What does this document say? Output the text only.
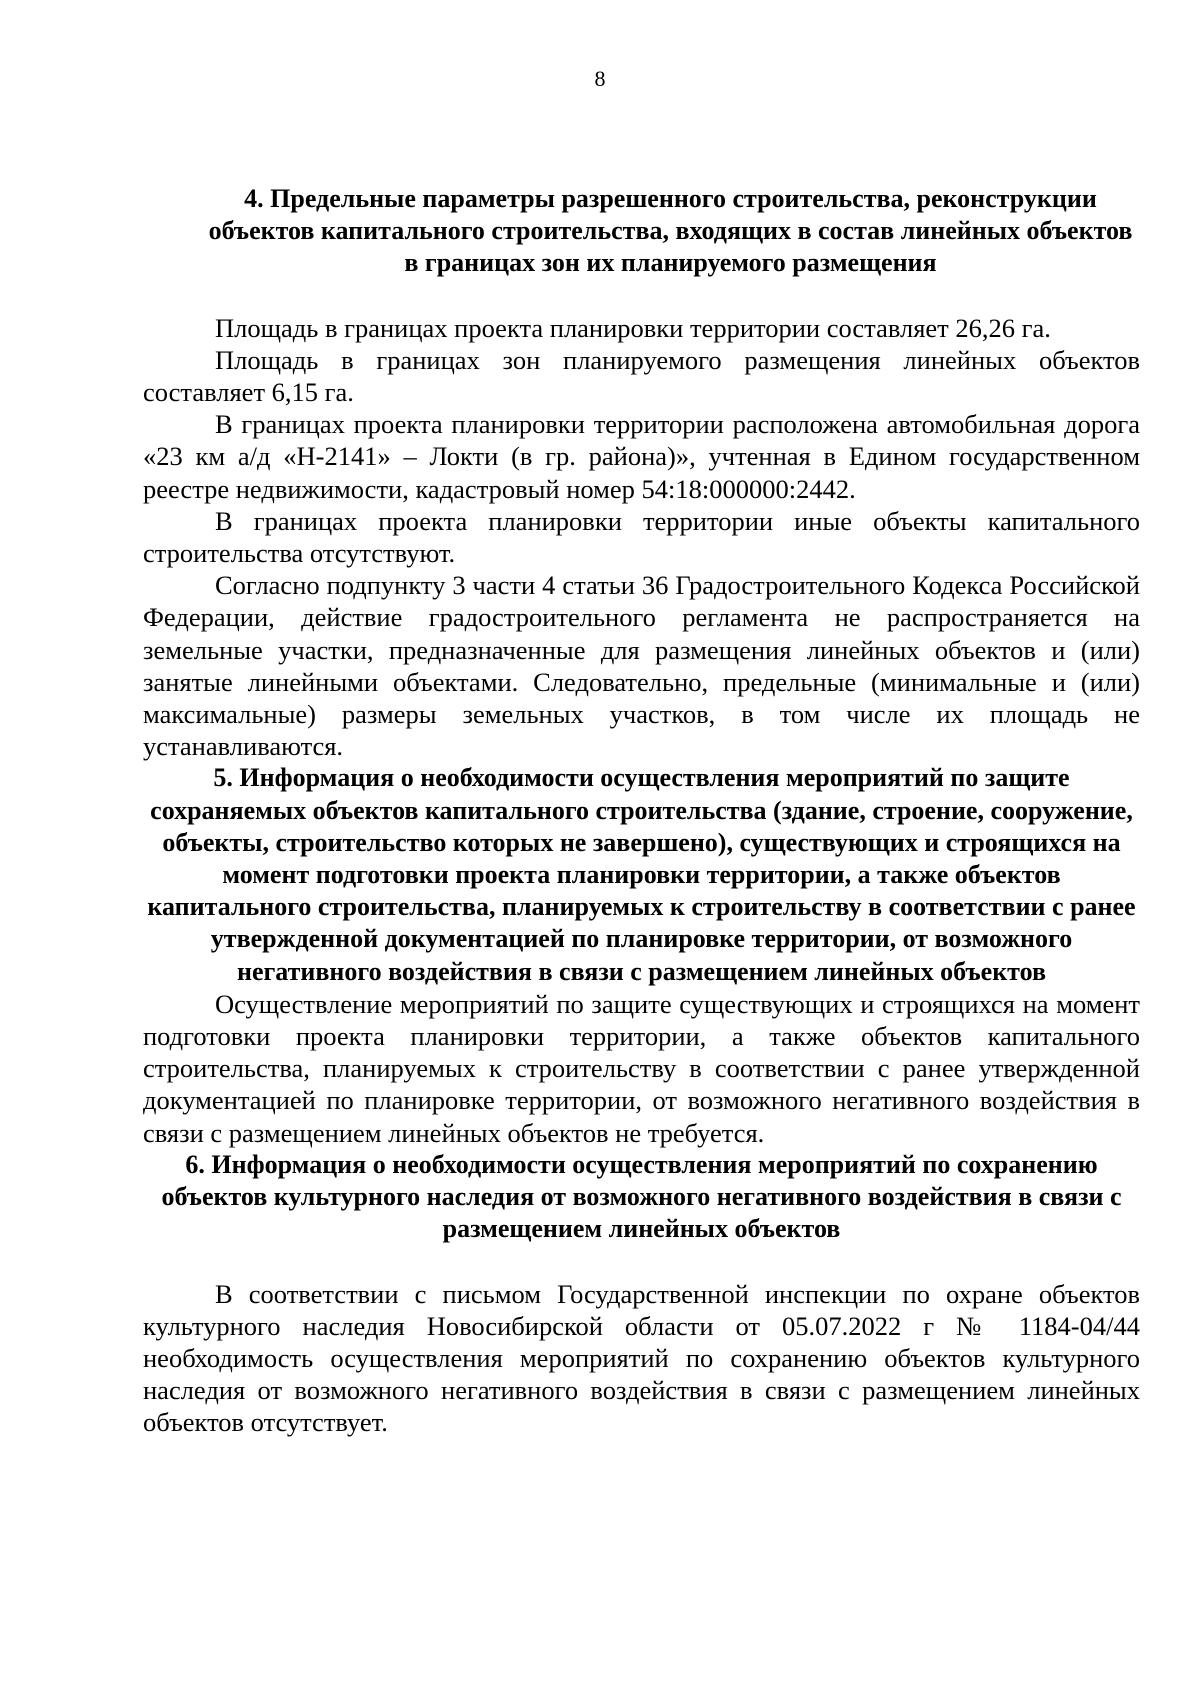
8
4. Предельные параметры разрешенного строительства, реконструкции объектов капитального строительства, входящих в состав линейных объектов в границах зон их планируемого размещения

Площадь в границах проекта планировки территории составляет 26,26 га.

Площадь в границах зон планируемого размещения линейных объектов составляет 6,15 га.

В границах проекта планировки территории расположена автомобильная дорога «23 км а/д «Н-2141» – Локти (в гр. района)», учтенная в Едином государственном реестре недвижимости, кадастровый номер 54:18:000000:2442.

В границах проекта планировки территории иные объекты капитального строительства отсутствуют.

Согласно подпункту 3 части 4 статьи 36 Градостроительного Кодекса Российской Федерации, действие градостроительного регламента не распространяется на земельные участки, предназначенные для размещения линейных объектов и (или) занятые линейными объектами. Следовательно, предельные (минимальные и (или) максимальные) размеры земельных участков, в том числе их площадь не устанавливаются.

5. Информация о необходимости осуществления мероприятий по защите сохраняемых объектов капитального строительства (здание, строение, сооружение, объекты, строительство которых не завершено), существующих и строящихся на момент подготовки проекта планировки территории, а также объектов капитального строительства, планируемых к строительству в соответствии с ранее утвержденной документацией по планировке территории, от возможного негативного воздействия в связи с размещением линейных объектов

Осуществление мероприятий по защите существующих и строящихся на момент подготовки проекта планировки территории, а также объектов капитального строительства, планируемых к строительству в соответствии с ранее утвержденной документацией по планировке территории, от возможного негативного воздействия в связи с размещением линейных объектов не требуется.

6. Информация о необходимости осуществления мероприятий по сохранению объектов культурного наследия от возможного негативного воздействия в связи с размещением линейных объектов

В соответствии с письмом Государственной инспекции по охране объектов культурного наследия Новосибирской области от 05.07.2022 г № 1184-04/44 необходимость осуществления мероприятий по сохранению объектов культурного наследия от возможного негативного воздействия в связи с размещением линейных объектов отсутствует.
